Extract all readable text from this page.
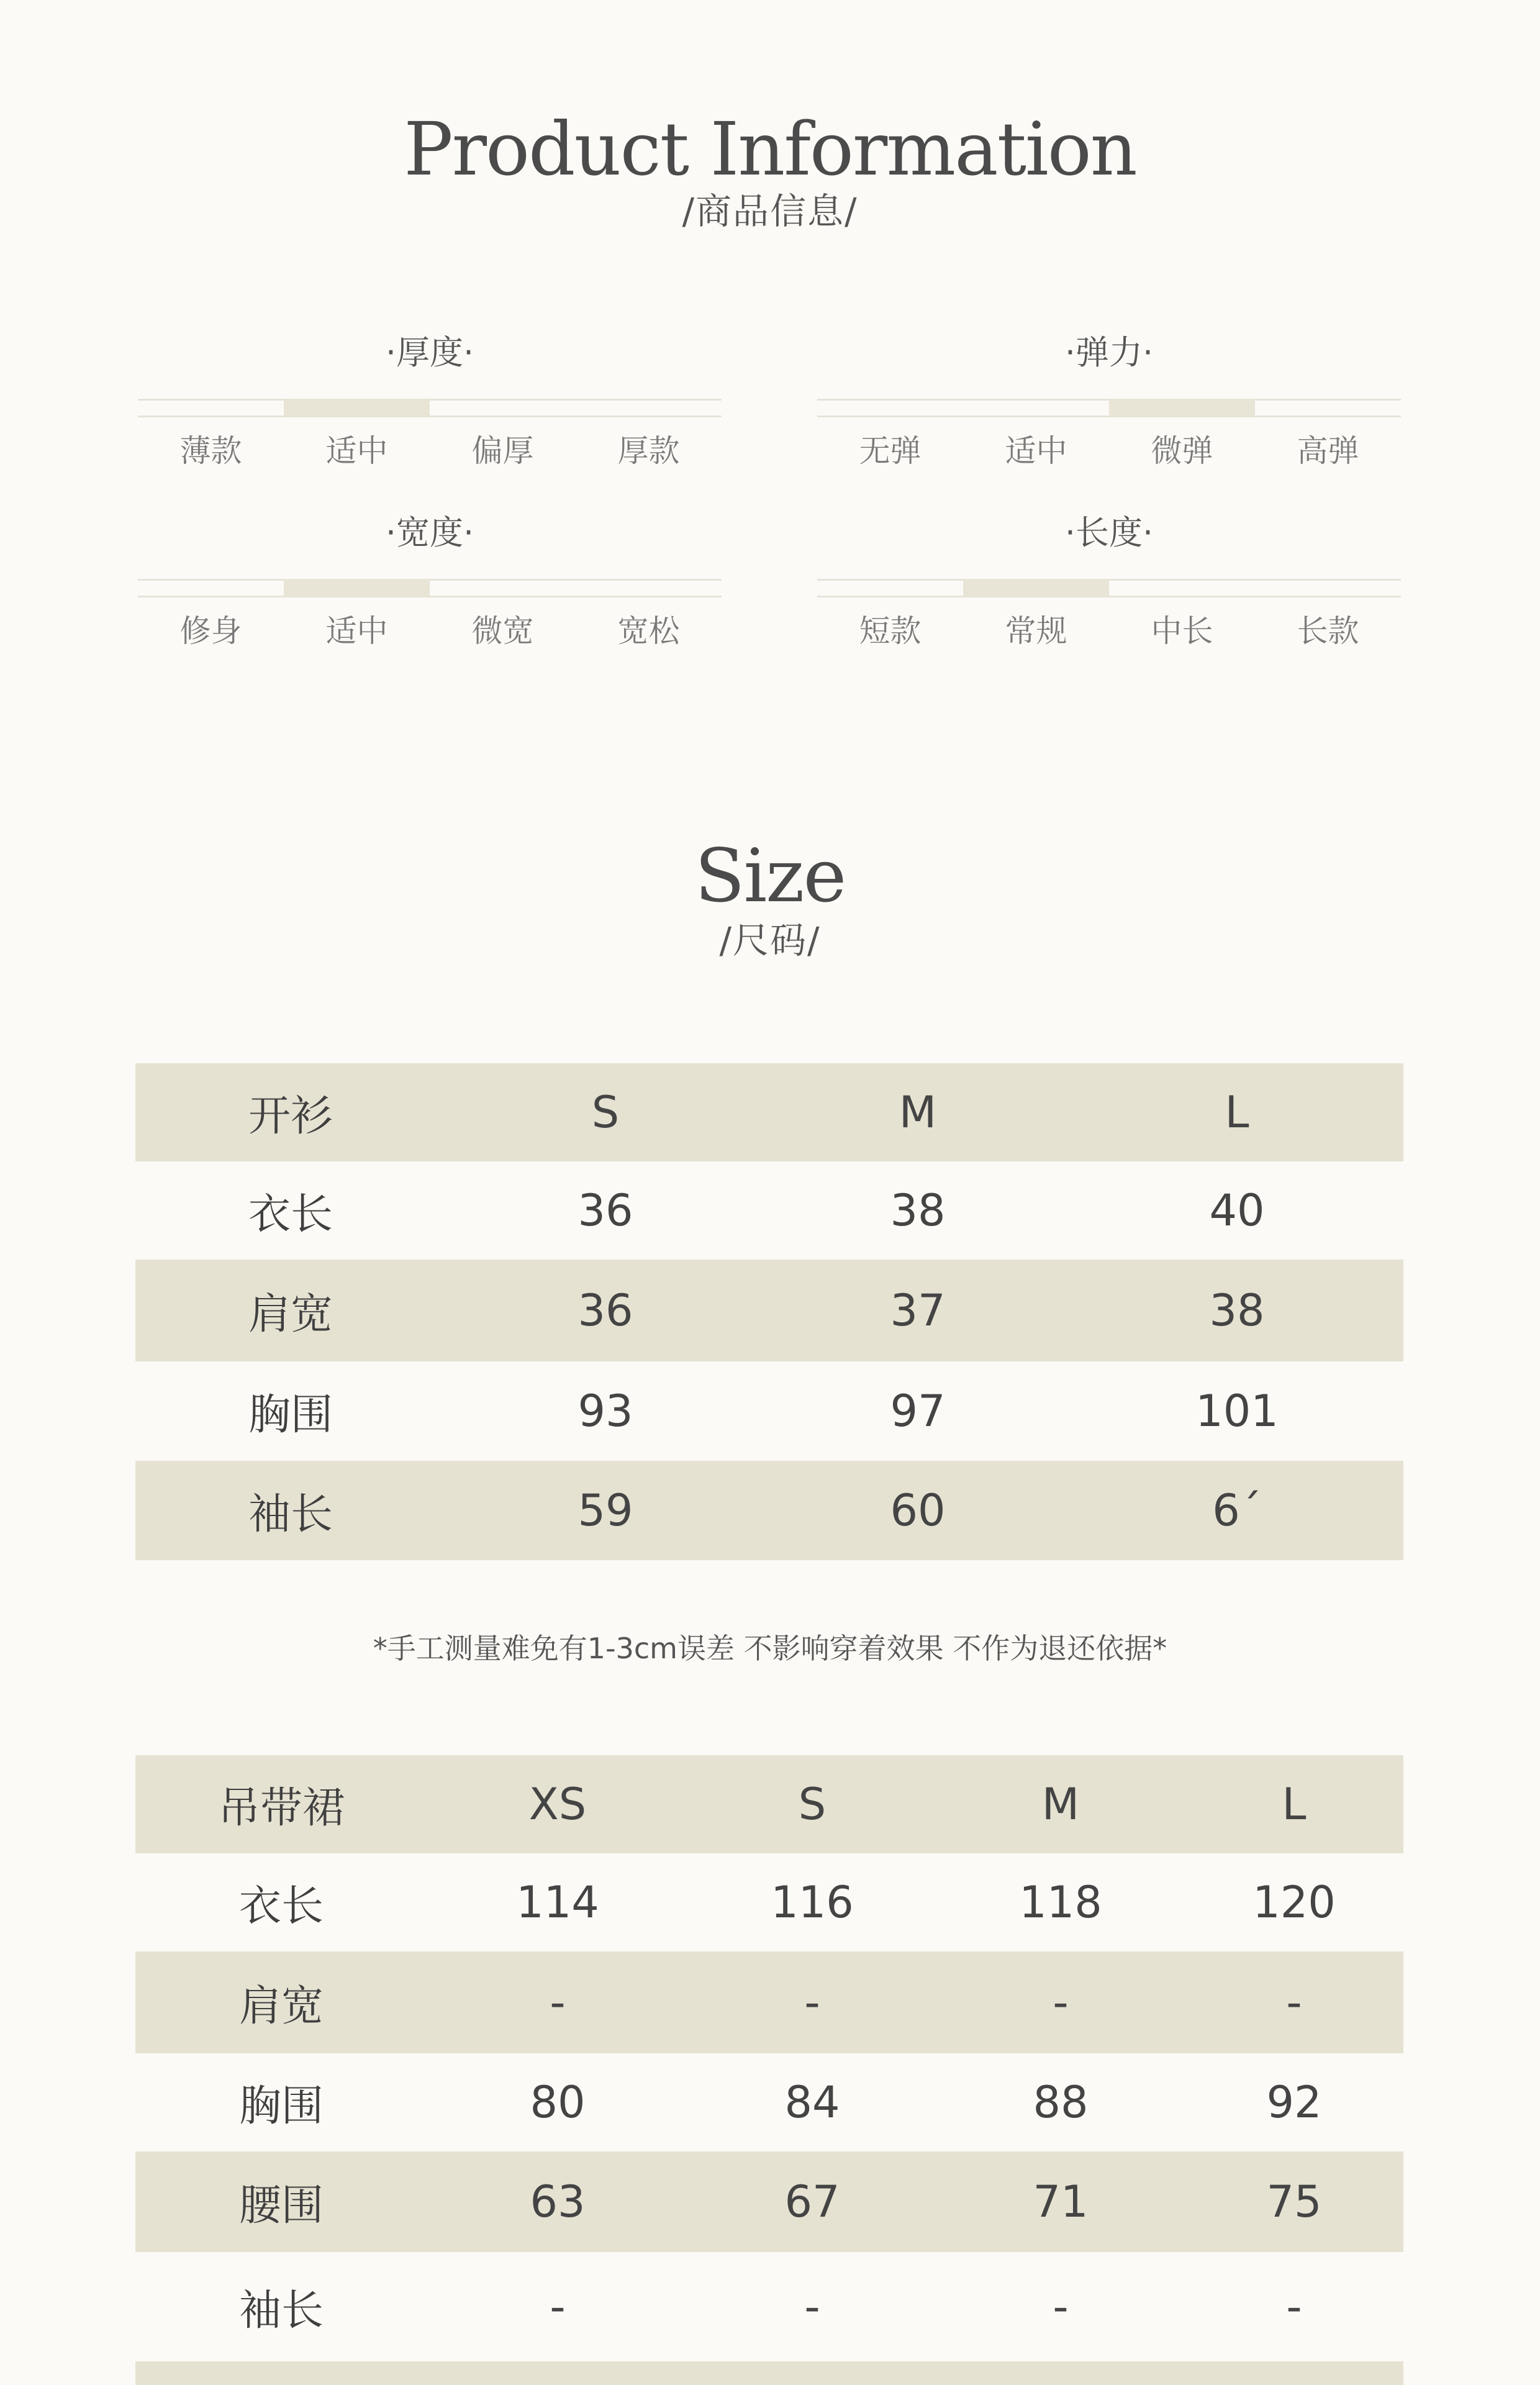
Product Information
/商品信息/
·厚度·
薄款	适中	偏厚	厚款
·弹力·
无弹	适中	微弹	高弹
·宽度·
修身	适中	微宽	宽松
·长度·
短款	常规	中长	长款
Size
/尺码/
开衫	S	M	L
衣长	36	38	40
肩宽	36	37	38
胸围	93	97	101
袖长	59	60	6´
*手工测量难免有1-3cm误差 不影响穿着效果 不作为退还依据*
吊带裙	XS	S	M	L
衣长	114	116	118	120
肩宽	-	-	-	-
胸围	80	84	88	92
腰围	63	67	71	75
袖长	-	-	-	-
